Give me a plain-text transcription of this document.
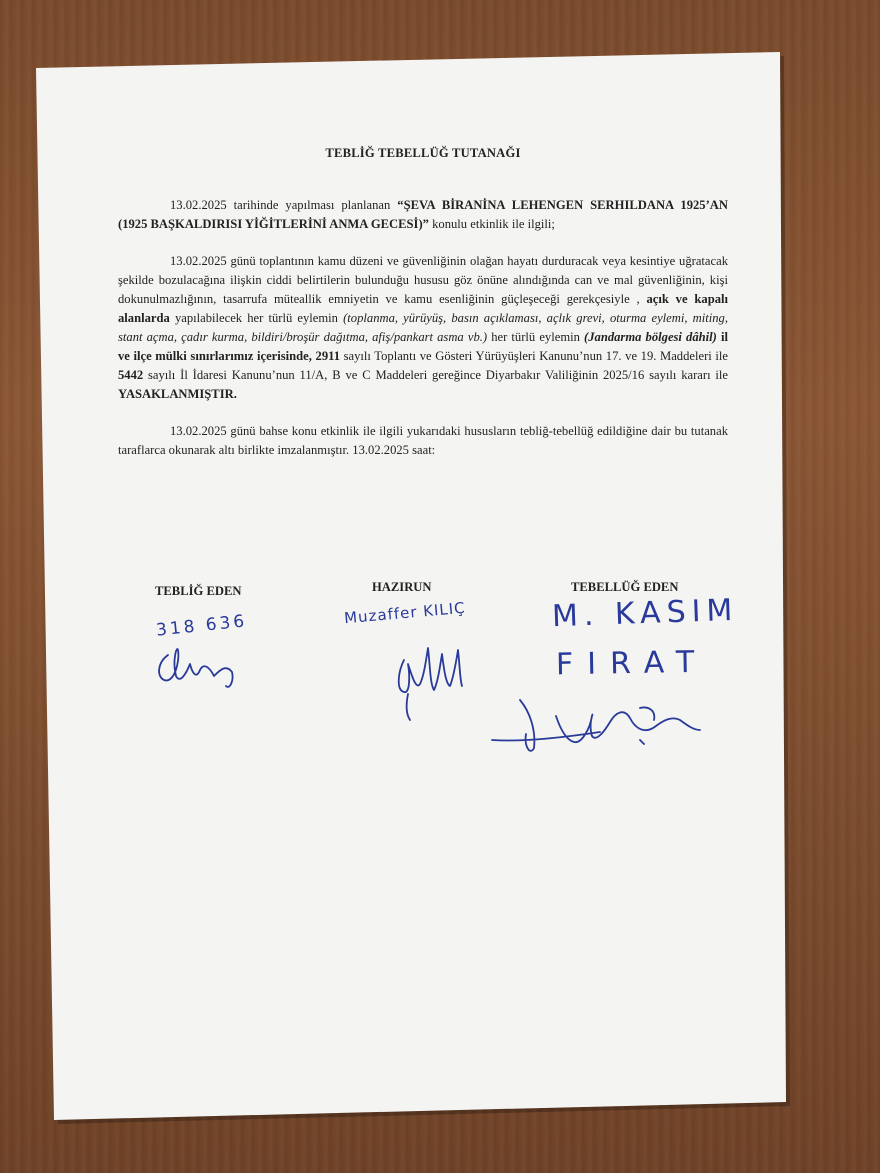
TEBLİĞ TEBELLÜĞ TUTANAĞI

13.02.2025 tarihinde yapılması planlanan “ŞEVA BİRANİNA LEHENGEN SERHILDANA 1925’AN (1925 BAŞKALDIRISI YİĞİTLERİNİ ANMA GECESİ)” konulu etkinlik ile ilgili;

13.02.2025 günü toplantının kamu düzeni ve güvenliğinin olağan hayatı durduracak veya kesintiye uğratacak şekilde bozulacağına ilişkin ciddi belirtilerin bulunduğu hususu göz önüne alındığında can ve mal güvenliğinin, kişi dokunulmazlığının, tasarrufa müteallik emniyetin ve kamu esenliğinin güçleşeceği gerekçesiyle , açık ve kapalı alanlarda yapılabilecek her türlü eylemin (toplanma, yürüyüş, basın açıklaması, açlık grevi, oturma eylemi, miting, stant açma, çadır kurma, bildiri/broşür dağıtma, afiş/pankart asma vb.) her türlü eylemin (Jandarma bölgesi dâhil) il ve ilçe mülki sınırlarımız içerisinde, 2911 sayılı Toplantı ve Gösteri Yürüyüşleri Kanunu’nun 17. ve 19. Maddeleri ile 5442 sayılı İl İdaresi Kanunu’nun 11/A, B ve C Maddeleri gereğince Diyarbakır Valiliğinin 2025/16 sayılı kararı ile YASAKLANMIŞTIR.

13.02.2025 günü bahse konu etkinlik ile ilgili yukarıdaki hususların tebliğ-tebellüğ edildiğine dair bu tutanak taraflarca okunarak altı birlikte imzalanmıştır. 13.02.2025 saat:

TEBLİĞ EDEN	HAZIRUN	TEBELLÜĞ EDEN
318 636	Muzaffer KILIÇ	M. KASIM
FIRAT
